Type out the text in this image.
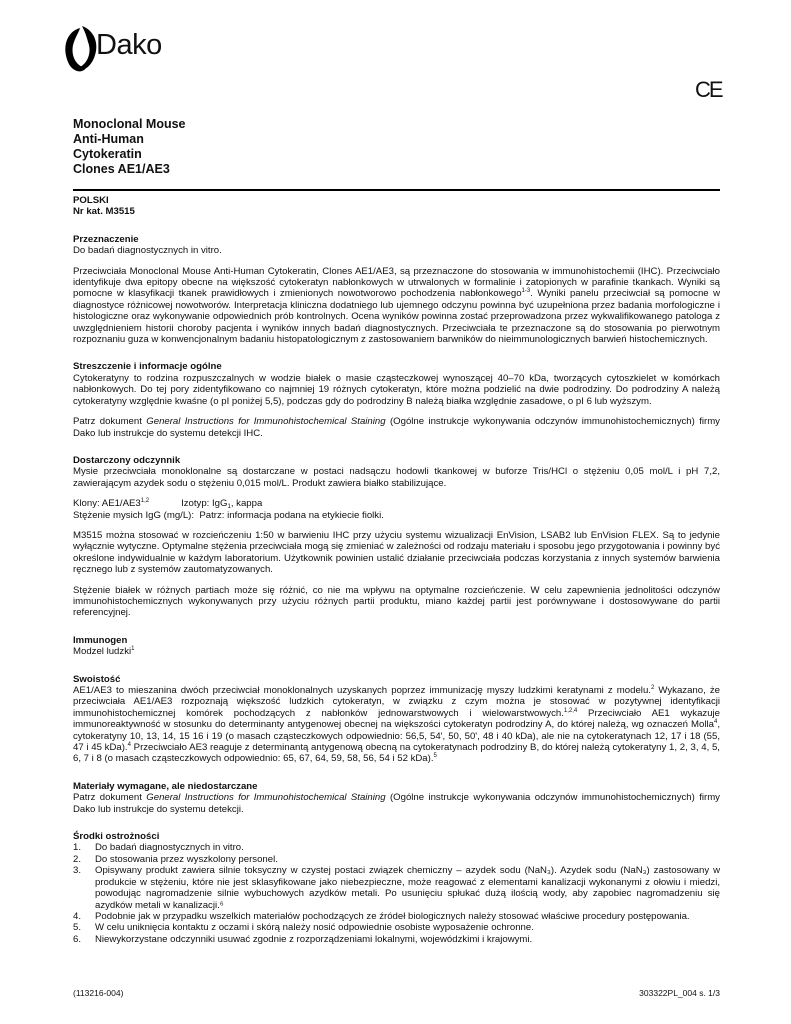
Dako
CE
Monoclonal Mouse
Anti-Human
Cytokeratin
Clones AE1/AE3

POLSKI

Nr kat. M3515

Przeznaczenie

Do badań diagnostycznych in vitro.

Przeciwciała Monoclonal Mouse Anti-Human Cytokeratin, Clones AE1/AE3, są przeznaczone do stosowania w immunohistochemii (IHC). Przeciwciało identyfikuje dwa epitopy obecne na większość cytokeratyn nabłonkowych w utrwalonych w formalinie i zatopionych w parafinie tkankach. Wyniki są pomocne w klasyfikacji tkanek prawidłowych i zmienionych nowotworowo pochodzenia nabłonkowego$^{1-3}$. Wyniki panelu przeciwciał są pomocne w diagnostyce różnicowej nowotworów. Interpretacja kliniczna dodatniego lub ujemnego odczynu powinna być uzupełniona przez badania morfologiczne i histologiczne oraz wykonywanie odpowiednich prób kontrolnych. Ocena wyników powinna zostać przeprowadzona przez wykwalifikowanego patologa z uwzględnieniem historii choroby pacjenta i wyników innych badań diagnostycznych. Przeciwciała te przeznaczone są do stosowania po pierwotnym rozpoznaniu guza w konwencjonalnym badaniu histopatologicznym z zastosowaniem barwników do nieimmunologicznych barwień histochemicznych.

Streszczenie i informacje ogólne

Cytokeratyny to rodzina rozpuszczalnych w wodzie białek o masie cząsteczkowej wynoszącej 40–70 kDa, tworzących cytoszkielet w komórkach nabłonkowych. Do tej pory zidentyfikowano co najmniej 19 różnych cytokeratyn, które można podzielić na dwie podrodziny. Do podrodziny A należą cytokeratyny względnie kwaśne (o pI poniżej 5,5), podczas gdy do podrodziny B należą białka względnie zasadowe, o pI 6 lub wyższym.

Patrz dokument General Instructions for Immunohistochemical Staining (Ogólne instrukcje wykonywania odczynów immunohistochemicznych) firmy Dako lub instrukcje do systemu detekcji IHC.

Dostarczony odczynnik

Mysie przeciwciała monoklonalne są dostarczane w postaci nadsączu hodowli tkankowej w buforze Tris/HCl o stężeniu 0,05 mol/L i pH 7,2, zawierającym azydek sodu o stężeniu 0,015 mol/L. Produkt zawiera białko stabilizujące.

Klony: AE1/AE3$^{1,2}$	Izotyp: IgG$_1$, kappa

Stężenie mysich IgG (mg/L): Patrz: informacja podana na etykiecie fiolki.

M3515 można stosować w rozcieńczeniu 1:50 w barwieniu IHC przy użyciu systemu wizualizacji EnVision, LSAB2 lub EnVision FLEX. Są to jedynie wyłącznie wytyczne. Optymalne stężenia przeciwciała mogą się zmieniać w zależności od rodzaju materiału i sposobu jego przygotowania i powinny być określone indywidualnie w każdym laboratorium. Użytkownik powinien ustalić działanie przeciwciała podczas korzystania z innych systemów barwienia ręcznego lub z systemów zautomatyzowanych.

Stężenie białek w różnych partiach może się różnić, co nie ma wpływu na optymalne rozcieńczenie. W celu zapewnienia jednolitości odczynów immunohistochemicznych wykonywanych przy użyciu różnych partii produktu, miano każdej partii jest porównywane i dostosowywane do partii referencyjnej.

Immunogen

Modzel ludzki$^1$

Swoistość

AE1/AE3 to mieszanina dwóch przeciwciał monoklonalnych uzyskanych poprzez immunizację myszy ludzkimi keratynami z modelu.$^2$ Wykazano, że przeciwciała AE1/AE3 rozpoznają większość ludzkich cytokeratyn, w związku z czym można je stosować w pozytywnej identyfikacji immunohistochemicznej komórek pochodzących z nabłonków jednowarstwowych i wielowarstwowych.$^{1,2,4}$ Przeciwciało AE1 wykazuje immunoreaktywność w stosunku do determinanty antygenowej obecnej na większości cytokeratyn podrodziny A, do której należą, wg oznaczeń Molla$^4$, cytokeratyny 10, 13, 14, 15 16 i 19 (o masach cząsteczkowych odpowiednio: 56,5, 54', 50, 50', 48 i 40 kDa), ale nie na cytokeratynach 12, 17 i 18 (55, 47 i 45 kDa).$^4$ Przeciwciało AE3 reaguje z determinantą antygenową obecną na cytokeratynach podrodziny B, do której należą cytokeratyny 1, 2, 3, 4, 5, 6, 7 i 8 (o masach cząsteczkowych odpowiednio: 65, 67, 64, 59, 58, 56, 54 i 52 kDa).$^5$

Materiały wymagane, ale niedostarczane

Patrz dokument General Instructions for Immunohistochemical Staining (Ogólne instrukcje wykonywania odczynów immunohistochemicznych) firmy Dako lub instrukcje do systemu detekcji.

Środki ostrożności

1. Do badań diagnostycznych in vitro.
2. Do stosowania przez wyszkolony personel.
3. Opisywany produkt zawiera silnie toksyczny w czystej postaci związek chemiczny – azydek sodu (NaN₃). Azydek sodu (NaN₃) zastosowany w produkcie w stężeniu, które nie jest sklasyfikowane jako niebezpieczne, może reagować z elementami kanalizacji wykonanymi z ołowiu i miedzi, powodując nagromadzenie silnie wybuchowych azydków metali. Po usunięciu spłukać dużą ilością wody, aby zapobiec nagromadzeniu się azydków metali w kanalizacji.⁶
4. Podobnie jak w przypadku wszelkich materiałów pochodzących ze źródeł biologicznych należy stosować właściwe procedury postępowania.
5. W celu uniknięcia kontaktu z oczami i skórą należy nosić odpowiednie osobiste wyposażenie ochronne.
6. Niewykorzystane odczynniki usuwać zgodnie z rozporządzeniami lokalnymi, wojewódzkimi i krajowymi.
(113216-004)	303322PL_004 s. 1/3
